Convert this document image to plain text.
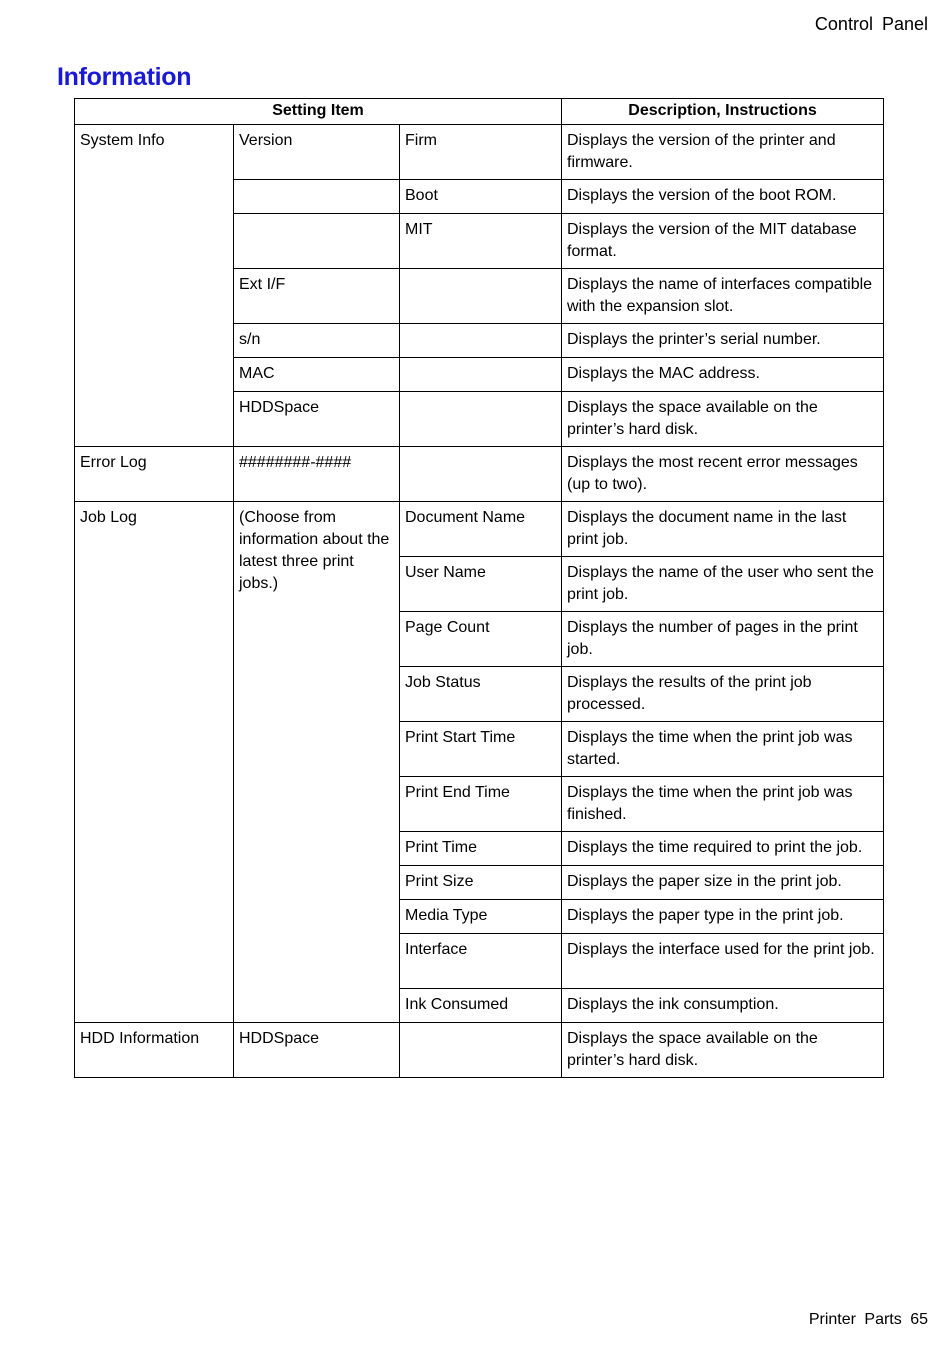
Control Panel
Information
Setting Item			Description, Instructions
System Info	Version	Firm	Displays the version of the printer and firmware.
		Boot	Displays the version of the boot ROM.
		MIT	Displays the version of the MIT database format.
	Ext I/F		Displays the name of interfaces compatible with the expansion slot.
	s/n		Displays the printer’s serial number.
	MAC		Displays the MAC address.
	HDDSpace		Displays the space available on the printer’s hard disk.
Error Log	########-####		Displays the most recent error messages (up to two).
Job Log	(Choose from information about the latest three print jobs.)	Document Name	Displays the document name in the last print job.
		User Name	Displays the name of the user who sent the print job.
		Page Count	Displays the number of pages in the print job.
		Job Status	Displays the results of the print job processed.
		Print Start Time	Displays the time when the print job was started.
		Print End Time	Displays the time when the print job was finished.
		Print Time	Displays the time required to print the job.
		Print Size	Displays the paper size in the print job.
		Media Type	Displays the paper type in the print job.
		Interface	Displays the interface used for the print job.
		Ink Consumed	Displays the ink consumption.
HDD Information	HDDSpace		Displays the space available on the printer’s hard disk.
Printer Parts 65
